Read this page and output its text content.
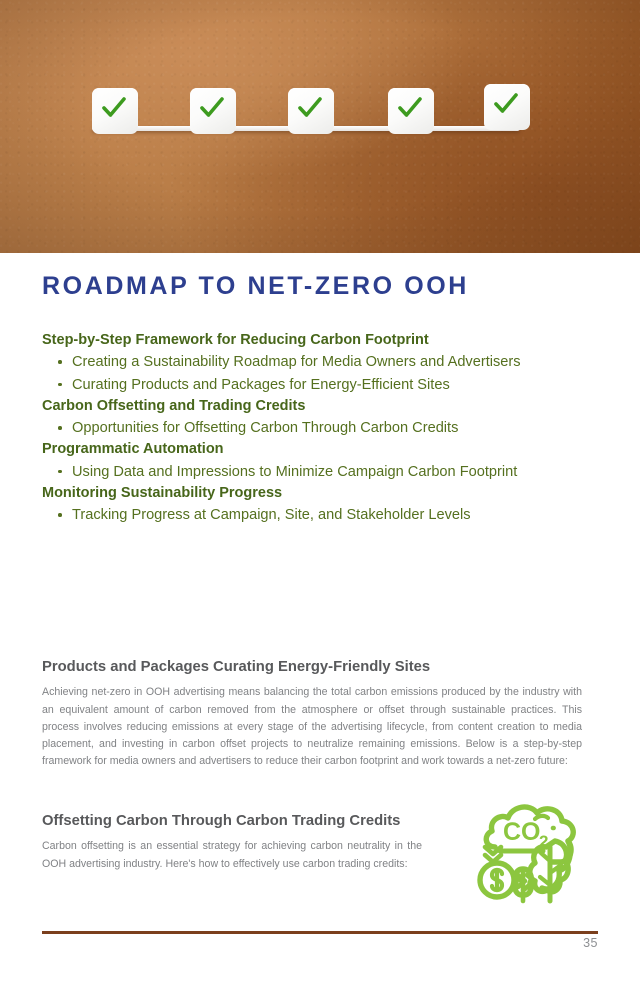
ROADMAP TO NET-ZERO OOH
Step-by-Step Framework for Reducing Carbon Footprint
Creating a Sustainability Roadmap for Media Owners and Advertisers
Curating Products and Packages for Energy-Efficient Sites
Carbon Offsetting and Trading Credits
Opportunities for Offsetting Carbon Through Carbon Credits
Programmatic Automation
Using Data and Impressions to Minimize Campaign Carbon Footprint
Monitoring Sustainability Progress
Tracking Progress at Campaign, Site, and Stakeholder Levels
Products and Packages Curating Energy-Friendly Sites

Achieving net-zero in OOH advertising means balancing the total carbon emissions produced by the industry with an equivalent amount of carbon removed from the atmosphere or offset through sustainable practices. This process involves reducing emissions at every stage of the advertising lifecycle, from content creation to media placement, and investing in carbon offset projects to neutralize remaining emissions. Below is a step-by-step framework for media owners and advertisers to reduce their carbon footprint and work towards a net-zero future:

Offsetting Carbon Through Carbon Trading Credits

Carbon offsetting is an essential strategy for achieving carbon neutrality in the OOH advertising industry. Here's how to effectively use carbon trading credits:

CO
2
35
